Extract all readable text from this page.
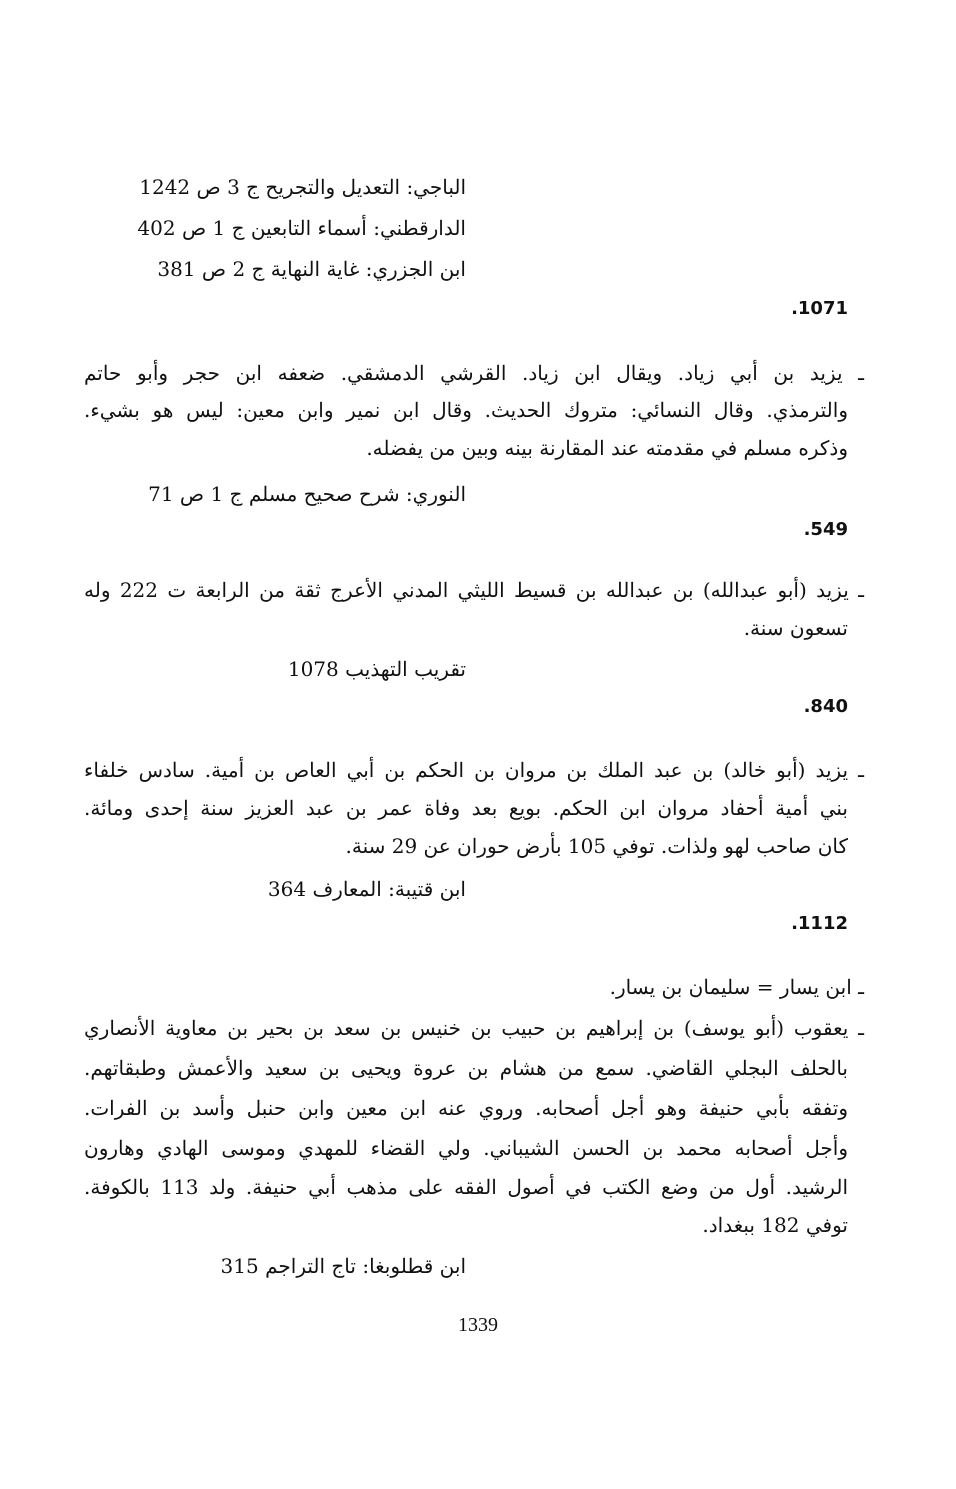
الباجي: التعديل والتجريح ج 3 ص 1242
الدارقطني: أسماء التابعين ج 1 ص 402
ابن الجزري: غاية النهاية ج 2 ص 381
.1071
ـ يزيد بن أبي زياد. ويقال ابن زياد. القرشي الدمشقي. ضعفه ابن حجر وأبو حاتم
والترمذي. وقال النسائي: متروك الحديث. وقال ابن نمير وابن معين: ليس هو بشيء.
وذكره مسلم في مقدمته عند المقارنة بينه وبين من يفضله.
النوري: شرح صحيح مسلم ج 1 ص 71
.549
ـ يزيد (أبو عبدالله) بن عبدالله بن قسيط الليثي المدني الأعرج ثقة من الرابعة ت 222 وله
تسعون سنة.
تقريب التهذيب 1078
.840
ـ يزيد (أبو خالد) بن عبد الملك بن مروان بن الحكم بن أبي العاص بن أمية. سادس خلفاء
بني أمية أحفاد مروان ابن الحكم. بويع بعد وفاة عمر بن عبد العزيز سنة إحدى ومائة.
كان صاحب لهو ولذات. توفي 105 بأرض حوران عن 29 سنة.
ابن قتيبة: المعارف 364
.1112
ـ ابن يسار = سليمان بن يسار.
ـ يعقوب (أبو يوسف) بن إبراهيم بن حبيب بن خنيس بن سعد بن بحير بن معاوية الأنصاري
بالحلف البجلي القاضي. سمع من هشام بن عروة ويحيى بن سعيد والأعمش وطبقاتهم.
وتفقه بأبي حنيفة وهو أجل أصحابه. وروي عنه ابن معين وابن حنبل وأسد بن الفرات.
وأجل أصحابه محمد بن الحسن الشيباني. ولي القضاء للمهدي وموسى الهادي وهارون
الرشيد. أول من وضع الكتب في أصول الفقه على مذهب أبي حنيفة. ولد 113 بالكوفة.
توفي 182 ببغداد.
ابن قطلوبغا: تاج التراجم 315
1339
